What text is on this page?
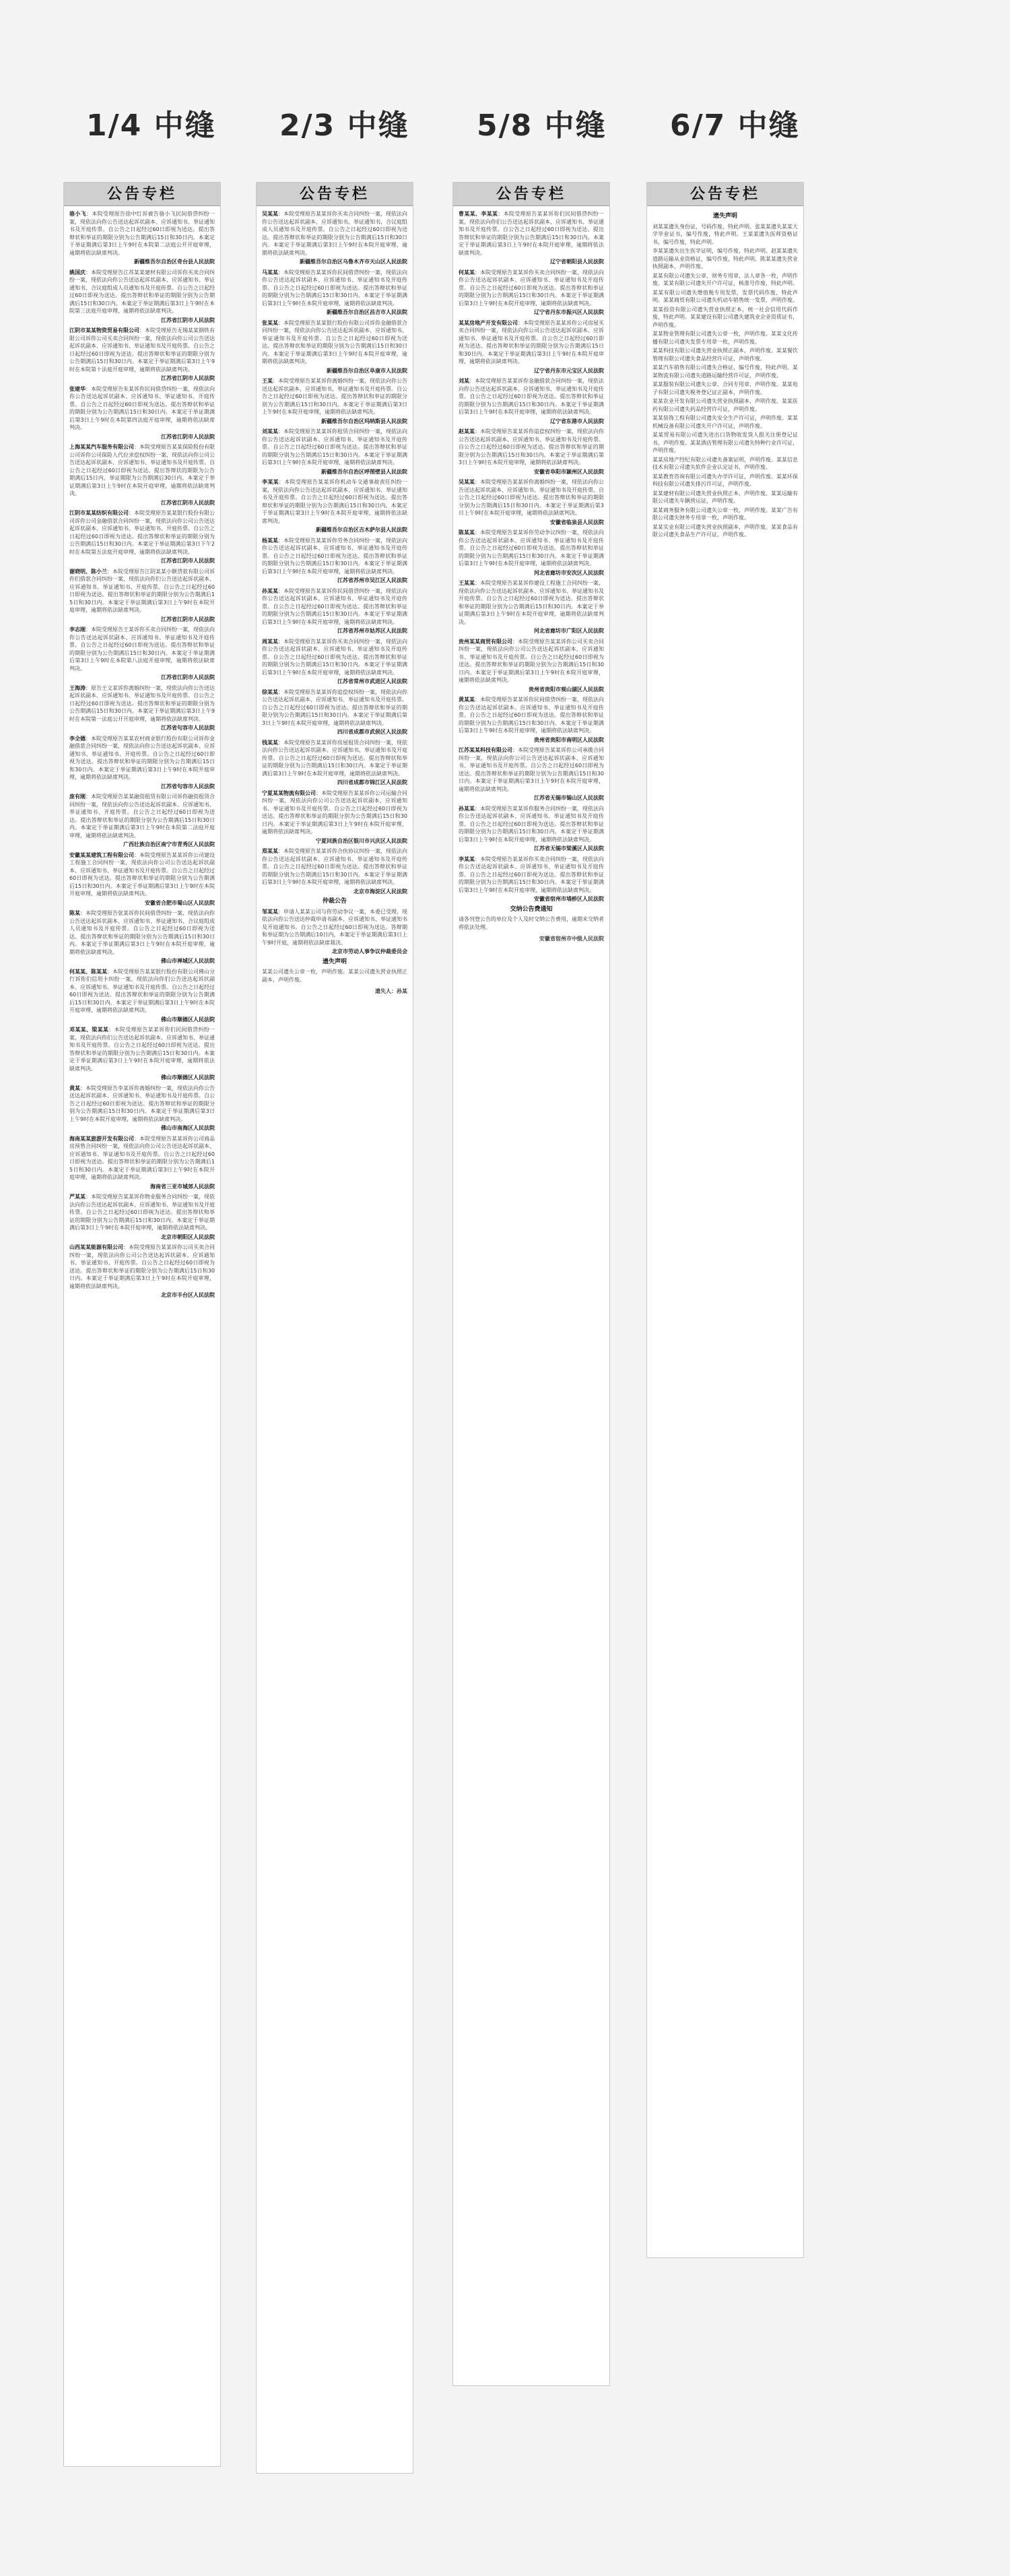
1/4 中缝 2/3 中缝 5/8 中缝 6/7 中缝
公告专栏
骆小飞：本院受理原告徐中红诉被告骆小飞民间借贷纠纷一案，现依法向你公告送达起诉状副本、应诉通知书、举证通知书及开庭传票。自公告之日起经过60日即视为送达。提出答辩状和举证的期限分别为公告期满后15日和30日内。本案定于举证期满后第3日上午9时在本院第二法庭公开开庭审理，逾期将依法缺席判决。
新疆维吾尔自治区奇台县人民法院
姚国庆：本院受理原告江苏某某建材有限公司诉你买卖合同纠纷一案，现依法向你公告送达起诉状副本、应诉通知书、举证通知书、合议庭组成人员通知书及开庭传票。自公告之日起经过60日即视为送达。提出答辩状和举证的期限分别为公告期满后15日和30日内。本案定于举证期满后第3日上午9时在本院第三法庭开庭审理，逾期将依法缺席判决。
江苏省江阴市人民法院
江阴市某某物资贸易有限公司：本院受理原告无锡某某钢铁有限公司诉你公司买卖合同纠纷一案，现依法向你公司公告送达起诉状副本、应诉通知书、举证通知书及开庭传票。自公告之日起经过60日即视为送达。提出答辩状和举证的期限分别为公告期满后15日和30日内。本案定于举证期满后第3日上午9时在本院第十法庭开庭审理，逾期将依法缺席判决。
江苏省江阴市人民法院
张建华：本院受理原告朱某诉你民间借贷纠纷一案，现依法向你公告送达起诉状副本、应诉通知书、举证通知书、开庭传票。自公告之日起经过60日即视为送达。提出答辩状和举证的期限分别为公告期满后15日和30日内。本案定于举证期满后第3日上午9时在本院第四法庭开庭审理，逾期将依法缺席判决。
江苏省江阴市人民法院
上海某某汽车服务有限公司：本院受理原告某某保险股份有限公司诉你公司保险人代位求偿权纠纷一案，现依法向你公司公告送达起诉状副本、应诉通知书、举证通知书及开庭传票。自公告之日起经过60日即视为送达。提出答辩状的期限为公告期满后15日内，举证期限为公告期满后30日内。本案定于举证期满后第3日上午9时在本院开庭审理，逾期将依法缺席判决。
江苏省江阴市人民法院
江阴市某某纺织有限公司：本院受理原告某某银行股份有限公司诉你公司金融借款合同纠纷一案，现依法向你公司公告送达起诉状副本、应诉通知书、举证通知书、开庭传票。自公告之日起经过60日即视为送达。提出答辩状和举证的期限分别为公告期满后15日和30日内。本案定于举证期满后第3日下午2时在本院第五法庭开庭审理，逾期将依法缺席判决。
江苏省江阴市人民法院
谢晓明、陈小兰：本院受理原告江阴某某小额贷款有限公司诉你们借款合同纠纷一案，现依法向你们公告送达起诉状副本、应诉通知书、举证通知书、开庭传票。自公告之日起经过60日即视为送达。提出答辩状和举证的期限分别为公告期满后15日和30日内。本案定于举证期满后第3日上午9时在本院开庭审理，逾期将依法缺席判决。
江苏省江阴市人民法院
李志刚：本院受理原告王某诉你买卖合同纠纷一案，现依法向你公告送达起诉状副本、应诉通知书、举证通知书及开庭传票。自公告之日起经过60日即视为送达。提出答辩状和举证的期限分别为公告期满后15日和30日内。本案定于举证期满后第3日上午9时在本院第八法庭开庭审理，逾期将依法缺席判决。
江苏省江阴市人民法院
王海涛：原告王文某诉你离婚纠纷一案，现依法向你公告送达起诉状副本、应诉通知书、举证通知书及开庭传票。自公告之日起经过60日即视为送达。提出答辩状和举证的期限分别为公告期满后15日和30日内。本案定于举证期满后第3日上午9时在本院第一法庭公开开庭审理，逾期将依法缺席判决。
江苏省句容市人民法院
李全德：本院受理原告某某农村商业银行股份有限公司诉你金融借款合同纠纷一案，现依法向你公告送达起诉状副本、应诉通知书、举证通知书、开庭传票。自公告之日起经过60日即视为送达。提出答辩状和举证的期限分别为公告期满后15日和30日内。本案定于举证期满后第3日上午9时在本院开庭审理，逾期将依法缺席判决。
江苏省句容市人民法院
庞有刚：本院受理原告某某融资租赁有限公司诉你融资租赁合同纠纷一案，现依法向你公告送达起诉状副本、应诉通知书、举证通知书、开庭传票。自公告之日起经过60日即视为送达。提出答辩状和举证的期限分别为公告期满后15日和30日内。本案定于举证期满后第3日上午9时在本院第二法庭开庭审理，逾期将依法缺席判决。
广西壮族自治区南宁市青秀区人民法院
安徽某某建筑工程有限公司：本院受理原告某某诉你公司建设工程施工合同纠纷一案，现依法向你公司公告送达起诉状副本、应诉通知书、举证通知书及开庭传票。自公告之日起经过60日即视为送达。提出答辩状和举证的期限分别为公告期满后15日和30日内。本案定于举证期满后第3日上午9时在本院开庭审理，逾期将依法缺席判决。
安徽省合肥市蜀山区人民法院
陈某：本院受理原告张某诉你民间借贷纠纷一案，现依法向你公告送达起诉状副本、应诉通知书、举证通知书、合议庭组成人员通知书及开庭传票。自公告之日起经过60日即视为送达。提出答辩状和举证的期限分别为公告期满后15日和30日内。本案定于举证期满后第3日上午9时在本院开庭审理，逾期将依法缺席判决。
佛山市禅城区人民法院
何某某、陈某某：本院受理原告某某银行股份有限公司佛山分行诉你们信用卡纠纷一案，现依法向你们公告送达起诉状副本、应诉通知书、举证通知书及开庭传票。自公告之日起经过60日即视为送达。提出答辩状和举证的期限分别为公告期满后15日和30日内。本案定于举证期满后第3日上午9时在本院开庭审理，逾期将依法缺席判决。
佛山市顺德区人民法院
邓某某、梁某某：本院受理原告某某诉你们民间借贷纠纷一案，现依法向你们公告送达起诉状副本、应诉通知书、举证通知书及开庭传票。自公告之日起经过60日即视为送达。提出答辩状和举证的期限分别为公告期满后15日和30日内。本案定于举证期满后第3日上午9时在本院开庭审理，逾期将依法缺席判决。
佛山市顺德区人民法院
黄某：本院受理原告李某诉你离婚纠纷一案，现依法向你公告送达起诉状副本、应诉通知书、举证通知书及开庭传票。自公告之日起经过60日即视为送达。提出答辩状和举证的期限分别为公告期满后15日和30日内。本案定于举证期满后第3日上午9时在本院开庭审理，逾期将依法缺席判决。
佛山市南海区人民法院
海南某某旅游开发有限公司：本院受理原告某某诉你公司商品房预售合同纠纷一案，现依法向你公司公告送达起诉状副本、应诉通知书、举证通知书及开庭传票。自公告之日起经过60日即视为送达。提出答辩状和举证的期限分别为公告期满后15日和30日内。本案定于举证期满后第3日上午9时在本院开庭审理，逾期将依法缺席判决。
海南省三亚市城郊人民法院
严某某：本院受理原告某某诉你物业服务合同纠纷一案，现依法向你公告送达起诉状副本、应诉通知书、举证通知书及开庭传票。自公告之日起经过60日即视为送达。提出答辩状和举证的期限分别为公告期满后15日和30日内。本案定于举证期满后第3日上午9时在本院开庭审理，逾期将依法缺席判决。
北京市朝阳区人民法院
山西某某能源有限公司：本院受理原告某某诉你公司买卖合同纠纷一案，现依法向你公司公告送达起诉状副本、应诉通知书、举证通知书、开庭传票。自公告之日起经过60日即视为送达。提出答辩状和举证的期限分别为公告期满后15日和30日内。本案定于举证期满后第3日上午9时在本院开庭审理，逾期将依法缺席判决。
北京市丰台区人民法院
公告专栏
吴某某：本院受理原告某某诉你买卖合同纠纷一案，现依法向你公告送达起诉状副本、应诉通知书、举证通知书、合议庭组成人员通知书及开庭传票。自公告之日起经过60日即视为送达。提出答辩状和举证的期限分别为公告期满后15日和30日内。本案定于举证期满后第3日上午9时在本院开庭审理，逾期将依法缺席判决。
新疆维吾尔自治区乌鲁木齐市天山区人民法院
马某某：本院受理原告某某诉你民间借贷纠纷一案，现依法向你公告送达起诉状副本、应诉通知书、举证通知书及开庭传票。自公告之日起经过60日即视为送达。提出答辩状和举证的期限分别为公告期满后15日和30日内。本案定于举证期满后第3日上午9时在本院开庭审理，逾期将依法缺席判决。
新疆维吾尔自治区昌吉市人民法院
张某某：本院受理原告某某银行股份有限公司诉你金融借款合同纠纷一案，现依法向你公告送达起诉状副本、应诉通知书、举证通知书及开庭传票。自公告之日起经过60日即视为送达。提出答辩状和举证的期限分别为公告期满后15日和30日内。本案定于举证期满后第3日上午9时在本院开庭审理，逾期将依法缺席判决。
新疆维吾尔自治区阜康市人民法院
王某：本院受理原告某某诉你离婚纠纷一案，现依法向你公告送达起诉状副本、应诉通知书、举证通知书及开庭传票。自公告之日起经过60日即视为送达。提出答辩状和举证的期限分别为公告期满后15日和30日内。本案定于举证期满后第3日上午9时在本院开庭审理，逾期将依法缺席判决。
新疆维吾尔自治区玛纳斯县人民法院
刘某某：本院受理原告某某诉你租赁合同纠纷一案，现依法向你公告送达起诉状副本、应诉通知书、举证通知书及开庭传票。自公告之日起经过60日即视为送达。提出答辩状和举证的期限分别为公告期满后15日和30日内。本案定于举证期满后第3日上午9时在本院开庭审理，逾期将依法缺席判决。
新疆维吾尔自治区呼图壁县人民法院
李某某：本院受理原告某某诉你机动车交通事故责任纠纷一案，现依法向你公告送达起诉状副本、应诉通知书、举证通知书及开庭传票。自公告之日起经过60日即视为送达。提出答辩状和举证的期限分别为公告期满后15日和30日内。本案定于举证期满后第3日上午9时在本院开庭审理，逾期将依法缺席判决。
新疆维吾尔自治区吉木萨尔县人民法院
杨某某：本院受理原告某某诉你劳务合同纠纷一案，现依法向你公告送达起诉状副本、应诉通知书、举证通知书及开庭传票。自公告之日起经过60日即视为送达。提出答辩状和举证的期限分别为公告期满后15日和30日内。本案定于举证期满后第3日上午9时在本院开庭审理，逾期将依法缺席判决。
江苏省苏州市吴江区人民法院
孙某某：本院受理原告某某诉你民间借贷纠纷一案，现依法向你公告送达起诉状副本、应诉通知书、举证通知书及开庭传票。自公告之日起经过60日即视为送达。提出答辩状和举证的期限分别为公告期满后15日和30日内。本案定于举证期满后第3日上午9时在本院开庭审理，逾期将依法缺席判决。
江苏省苏州市姑苏区人民法院
周某某：本院受理原告某某诉你买卖合同纠纷一案，现依法向你公告送达起诉状副本、应诉通知书、举证通知书及开庭传票。自公告之日起经过60日即视为送达。提出答辩状和举证的期限分别为公告期满后15日和30日内。本案定于举证期满后第3日上午9时在本院开庭审理，逾期将依法缺席判决。
江苏省常州市武进区人民法院
徐某某：本院受理原告某某诉你追偿权纠纷一案，现依法向你公告送达起诉状副本、应诉通知书、举证通知书及开庭传票。自公告之日起经过60日即视为送达。提出答辩状和举证的期限分别为公告期满后15日和30日内。本案定于举证期满后第3日上午9时在本院开庭审理，逾期将依法缺席判决。
四川省成都市武侯区人民法院
钱某某：本院受理原告某某诉你房屋租赁合同纠纷一案，现依法向你公告送达起诉状副本、应诉通知书、举证通知书及开庭传票。自公告之日起经过60日即视为送达。提出答辩状和举证的期限分别为公告期满后15日和30日内。本案定于举证期满后第3日上午9时在本院开庭审理，逾期将依法缺席判决。
四川省成都市锦江区人民法院
宁夏某某物流有限公司：本院受理原告某某诉你公司运输合同纠纷一案，现依法向你公司公告送达起诉状副本、应诉通知书、举证通知书及开庭传票。自公告之日起经过60日即视为送达。提出答辩状和举证的期限分别为公告期满后15日和30日内。本案定于举证期满后第3日上午9时在本院开庭审理，逾期将依法缺席判决。
宁夏回族自治区银川市兴庆区人民法院
郑某某：本院受理原告某某诉你合伙协议纠纷一案，现依法向你公告送达起诉状副本、应诉通知书、举证通知书及开庭传票。自公告之日起经过60日即视为送达。提出答辩状和举证的期限分别为公告期满后15日和30日内。本案定于举证期满后第3日上午9时在本院开庭审理，逾期将依法缺席判决。
北京市海淀区人民法院
仲裁公告
邹某某：申请人某某公司与你劳动争议一案，本委已受理，现依法向你公告送达仲裁申请书副本、应诉通知书、举证通知书及开庭通知书。自公告之日起经过60日即视为送达。答辩期和举证期为公告期满后10日内，本案定于举证期满后第3日上午9时开庭，逾期将依法缺席裁决。
北京市劳动人事争议仲裁委员会
遗失声明
某某公司遗失公章一枚，声明作废。某某公司遗失营业执照正副本，声明作废。
遗失人：孙某
公告专栏
曹某某、李某某：本院受理原告某某诉你们民间借贷纠纷一案，现依法向你们公告送达起诉状副本、应诉通知书、举证通知书及开庭传票。自公告之日起经过60日即视为送达。提出答辩状和举证的期限分别为公告期满后15日和30日内。本案定于举证期满后第3日上午9时在本院开庭审理，逾期将依法缺席判决。
辽宁省朝阳县人民法院
何某某：本院受理原告某某诉你买卖合同纠纷一案，现依法向你公告送达起诉状副本、应诉通知书、举证通知书及开庭传票。自公告之日起经过60日即视为送达。提出答辩状和举证的期限分别为公告期满后15日和30日内。本案定于举证期满后第3日上午9时在本院开庭审理，逾期将依法缺席判决。
辽宁省丹东市振兴区人民法院
某某房地产开发有限公司：本院受理原告某某诉你公司房屋买卖合同纠纷一案，现依法向你公司公告送达起诉状副本、应诉通知书、举证通知书及开庭传票。自公告之日起经过60日即视为送达。提出答辩状和举证的期限分别为公告期满后15日和30日内。本案定于举证期满后第3日上午9时在本院开庭审理，逾期将依法缺席判决。
辽宁省丹东市元宝区人民法院
刘某：本院受理原告某某诉你金融借款合同纠纷一案，现依法向你公告送达起诉状副本、应诉通知书、举证通知书及开庭传票。自公告之日起经过60日即视为送达。提出答辩状和举证的期限分别为公告期满后15日和30日内。本案定于举证期满后第3日上午9时在本院开庭审理，逾期将依法缺席判决。
辽宁省东港市人民法院
赵某某：本院受理原告某某诉你追偿权纠纷一案，现依法向你公告送达起诉状副本、应诉通知书、举证通知书及开庭传票。自公告之日起经过60日即视为送达。提出答辩状和举证的期限分别为公告期满后15日和30日内。本案定于举证期满后第3日上午9时在本院开庭审理，逾期将依法缺席判决。
安徽省阜阳市颍州区人民法院
吴某某：本院受理原告某某诉你离婚纠纷一案，现依法向你公告送达起诉状副本、应诉通知书、举证通知书及开庭传票。自公告之日起经过60日即视为送达。提出答辩状和举证的期限分别为公告期满后15日和30日内。本案定于举证期满后第3日上午9时在本院开庭审理，逾期将依法缺席判决。
安徽省临泉县人民法院
陈某某：本院受理原告某某诉你劳动争议纠纷一案，现依法向你公告送达起诉状副本、应诉通知书、举证通知书及开庭传票。自公告之日起经过60日即视为送达。提出答辩状和举证的期限分别为公告期满后15日和30日内。本案定于举证期满后第3日上午9时在本院开庭审理，逾期将依法缺席判决。
河北省廊坊市安次区人民法院
王某某：本院受理原告某某诉你建设工程施工合同纠纷一案，现依法向你公告送达起诉状副本、应诉通知书、举证通知书及开庭传票。自公告之日起经过60日即视为送达。提出答辩状和举证的期限分别为公告期满后15日和30日内。本案定于举证期满后第3日上午9时在本院开庭审理，逾期将依法缺席判决。
河北省廊坊市广阳区人民法院
贵州某某商贸有限公司：本院受理原告某某诉你公司买卖合同纠纷一案，现依法向你公司公告送达起诉状副本、应诉通知书、举证通知书及开庭传票。自公告之日起经过60日即视为送达。提出答辩状和举证的期限分别为公告期满后15日和30日内。本案定于举证期满后第3日上午9时在本院开庭审理，逾期将依法缺席判决。
贵州省贵阳市观山湖区人民法院
黄某某：本院受理原告某某诉你民间借贷纠纷一案，现依法向你公告送达起诉状副本、应诉通知书、举证通知书及开庭传票。自公告之日起经过60日即视为送达。提出答辩状和举证的期限分别为公告期满后15日和30日内。本案定于举证期满后第3日上午9时在本院开庭审理，逾期将依法缺席判决。
贵州省贵阳市南明区人民法院
江苏某某科技有限公司：本院受理原告某某诉你公司承揽合同纠纷一案，现依法向你公司公告送达起诉状副本、应诉通知书、举证通知书及开庭传票。自公告之日起经过60日即视为送达。提出答辩状和举证的期限分别为公告期满后15日和30日内。本案定于举证期满后第3日上午9时在本院开庭审理，逾期将依法缺席判决。
江苏省无锡市锡山区人民法院
孙某某：本院受理原告某某诉你服务合同纠纷一案，现依法向你公告送达起诉状副本、应诉通知书、举证通知书及开庭传票。自公告之日起经过60日即视为送达。提出答辩状和举证的期限分别为公告期满后15日和30日内。本案定于举证期满后第3日上午9时在本院开庭审理，逾期将依法缺席判决。
江苏省无锡市梁溪区人民法院
李某某：本院受理原告某某诉你买卖合同纠纷一案，现依法向你公告送达起诉状副本、应诉通知书、举证通知书及开庭传票。自公告之日起经过60日即视为送达。提出答辩状和举证的期限分别为公告期满后15日和30日内。本案定于举证期满后第3日上午9时在本院开庭审理，逾期将依法缺席判决。
安徽省宿州市埇桥区人民法院
交纳公告费通知
请各刊登公告的单位及个人及时交纳公告费用，逾期未交纳者将依法处理。
安徽省宿州市中级人民法院
公告专栏
遗失声明
刘某某遗失身份证，号码作废，特此声明。张某某遗失某某大学毕业证书，编号作废，特此声明。王某某遗失医师资格证书，编号作废，特此声明。
李某某遗失出生医学证明，编号作废，特此声明。赵某某遗失道路运输从业资格证，编号作废，特此声明。陈某某遗失营业执照副本，声明作废。
某某有限公司遗失公章、财务专用章、法人章各一枚，声明作废。某某有限公司遗失开户许可证，核准号作废，特此声明。
某某有限公司遗失增值税专用发票，发票代码作废，特此声明。某某商贸有限公司遗失机动车销售统一发票，声明作废。
某某投资有限公司遗失营业执照正本，统一社会信用代码作废，特此声明。某某建设有限公司遗失建筑业企业资质证书，声明作废。
某某物业管理有限公司遗失公章一枚，声明作废。某某文化传播有限公司遗失发票专用章一枚，声明作废。
某某科技有限公司遗失营业执照正副本，声明作废。某某餐饮管理有限公司遗失食品经营许可证，声明作废。
某某汽车销售有限公司遗失合格证，编号作废，特此声明。某某物流有限公司遗失道路运输经营许可证，声明作废。
某某服装有限公司遗失公章、合同专用章，声明作废。某某电子有限公司遗失税务登记证正副本，声明作废。
某某农业开发有限公司遗失营业执照副本，声明作废。某某医药有限公司遗失药品经营许可证，声明作废。
某某装饰工程有限公司遗失安全生产许可证，声明作废。某某机械设备有限公司遗失开户许可证，声明作废。
某某贸易有限公司遗失进出口货物收发货人报关注册登记证书，声明作废。某某酒店管理有限公司遗失特种行业许可证，声明作废。
某某房地产经纪有限公司遗失备案证明，声明作废。某某信息技术有限公司遗失软件企业认定证书，声明作废。
某某教育咨询有限公司遗失办学许可证，声明作废。某某环保科技有限公司遗失排污许可证，声明作废。
某某建材有限公司遗失营业执照正本，声明作废。某某运输有限公司遗失车辆营运证，声明作废。
某某商务服务有限公司遗失公章一枚，声明作废。某某广告有限公司遗失财务专用章一枚，声明作废。
某某实业有限公司遗失营业执照副本，声明作废。某某食品有限公司遗失食品生产许可证，声明作废。
